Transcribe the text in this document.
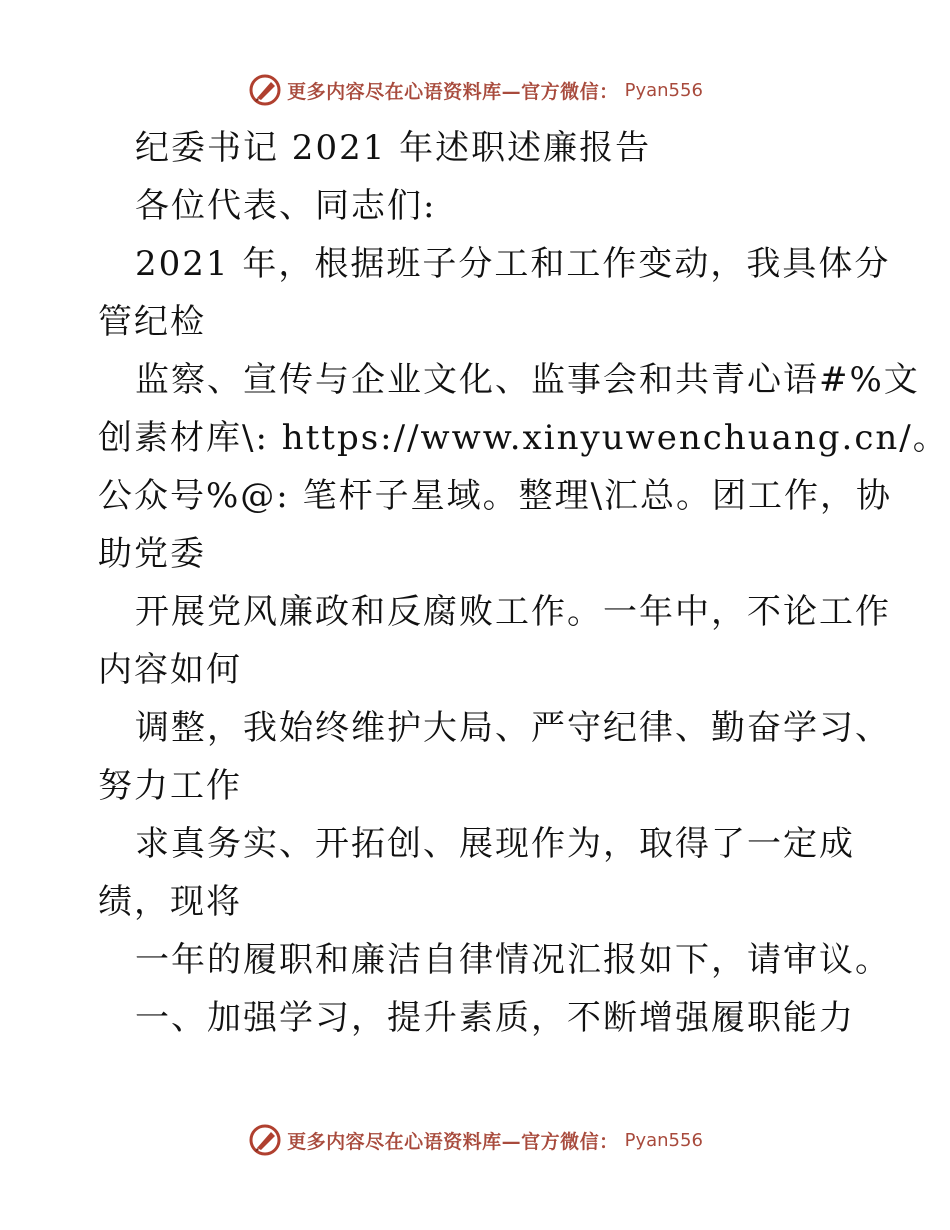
更多内容尽在心语资料库—官方微信： Pyan556
纪委书记 2021 年述职述廉报告
各位代表、同志们:
2021 年，根据班子分工和工作变动，我具体分
管纪检
监察、宣传与企业文化、监事会和共青心语#%文
创素材库\: https://www.xinyuwenchuang.cn/。
公众号%@: 笔杆子星域。整理\汇总。团工作，协
助党委
开展党风廉政和反腐败工作。一年中，不论工作
内容如何
调整，我始终维护大局、严守纪律、勤奋学习、
努力工作
求真务实、开拓创、展现作为，取得了一定成
绩，现将
一年的履职和廉洁自律情况汇报如下，请审议。
一、加强学习，提升素质，不断增强履职能力
更多内容尽在心语资料库—官方微信： Pyan556
